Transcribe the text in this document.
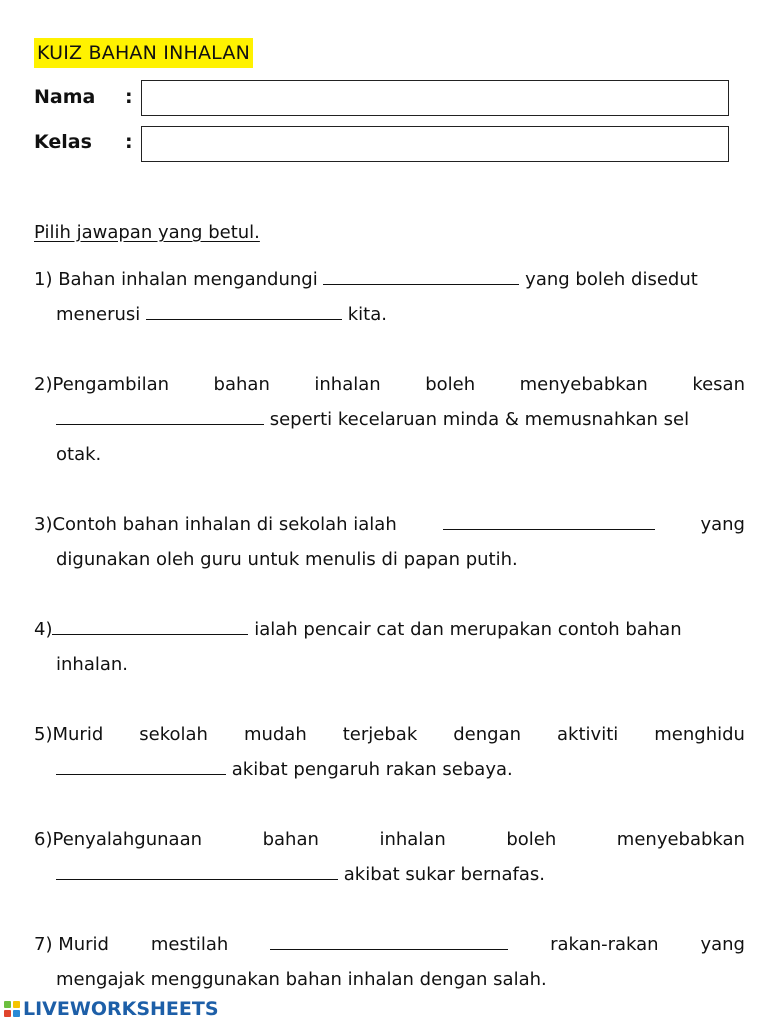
KUIZ BAHAN INHALAN
Nama :
Kelas :
Pilih jawapan yang betul.
1) Bahan inhalan mengandungi	yang boleh disedut
menerusi	kita.
2)Pengambilan bahan inhalan boleh menyebabkan kesan
seperti kecelaruan minda & memusnahkan sel
otak.
3)Contoh bahan inhalan di sekolah ialah	yang
digunakan oleh guru untuk menulis di papan putih.
4)	ialah pencair cat dan merupakan contoh bahan
inhalan.
5)Murid sekolah mudah terjebak dengan aktiviti menghidu
akibat pengaruh rakan sebaya.
6)Penyalahgunaan	bahan	inhalan	boleh	menyebabkan
akibat sukar bernafas.
7) Murid mestilah	rakan-rakan yang
mengajak menggunakan bahan inhalan dengan salah.
LIVEWORKSHEETS
